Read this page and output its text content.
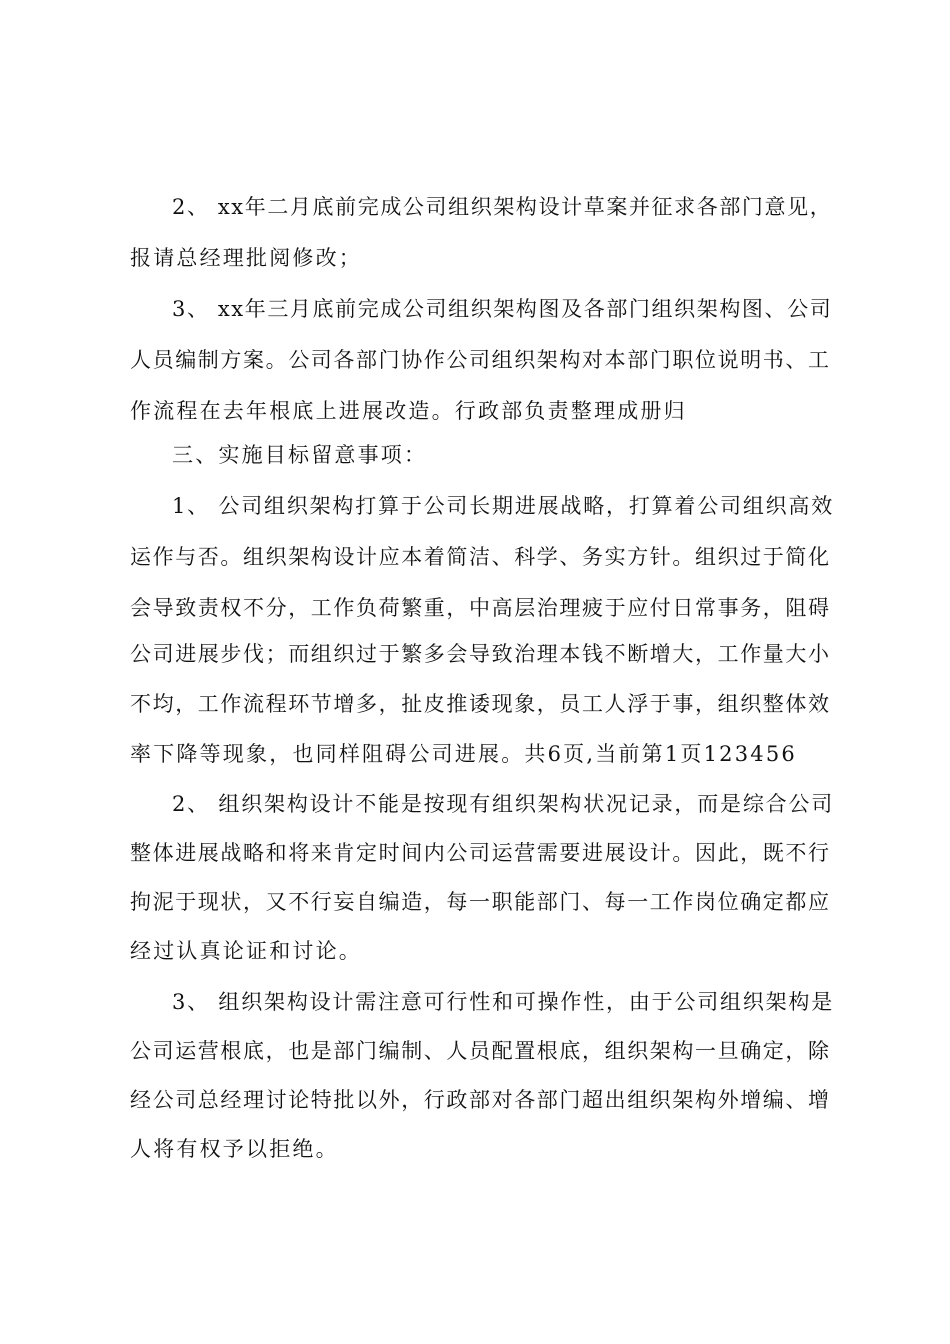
2、 xx年二月底前完成公司组织架构设计草案并征求各部门意见，
报请总经理批阅修改；
3、 xx年三月底前完成公司组织架构图及各部门组织架构图、公司
人员编制方案。公司各部门协作公司组织架构对本部门职位说明书、工
作流程在去年根底上进展改造。行政部负责整理成册归
三、实施目标留意事项：
1、 公司组织架构打算于公司长期进展战略，打算着公司组织高效
运作与否。组织架构设计应本着简洁、科学、务实方针。组织过于简化
会导致责权不分，工作负荷繁重，中高层治理疲于应付日常事务，阻碍
公司进展步伐；而组织过于繁多会导致治理本钱不断增大，工作量大小
不均，工作流程环节增多，扯皮推诿现象，员工人浮于事，组织整体效
率下降等现象，也同样阻碍公司进展。共6页,当前第1页123456
2、 组织架构设计不能是按现有组织架构状况记录，而是综合公司
整体进展战略和将来肯定时间内公司运营需要进展设计。因此，既不行
拘泥于现状，又不行妄自编造，每一职能部门、每一工作岗位确定都应
经过认真论证和讨论。
3、 组织架构设计需注意可行性和可操作性，由于公司组织架构是
公司运营根底，也是部门编制、人员配置根底，组织架构一旦确定，除
经公司总经理讨论特批以外，行政部对各部门超出组织架构外增编、增
人将有权予以拒绝。
